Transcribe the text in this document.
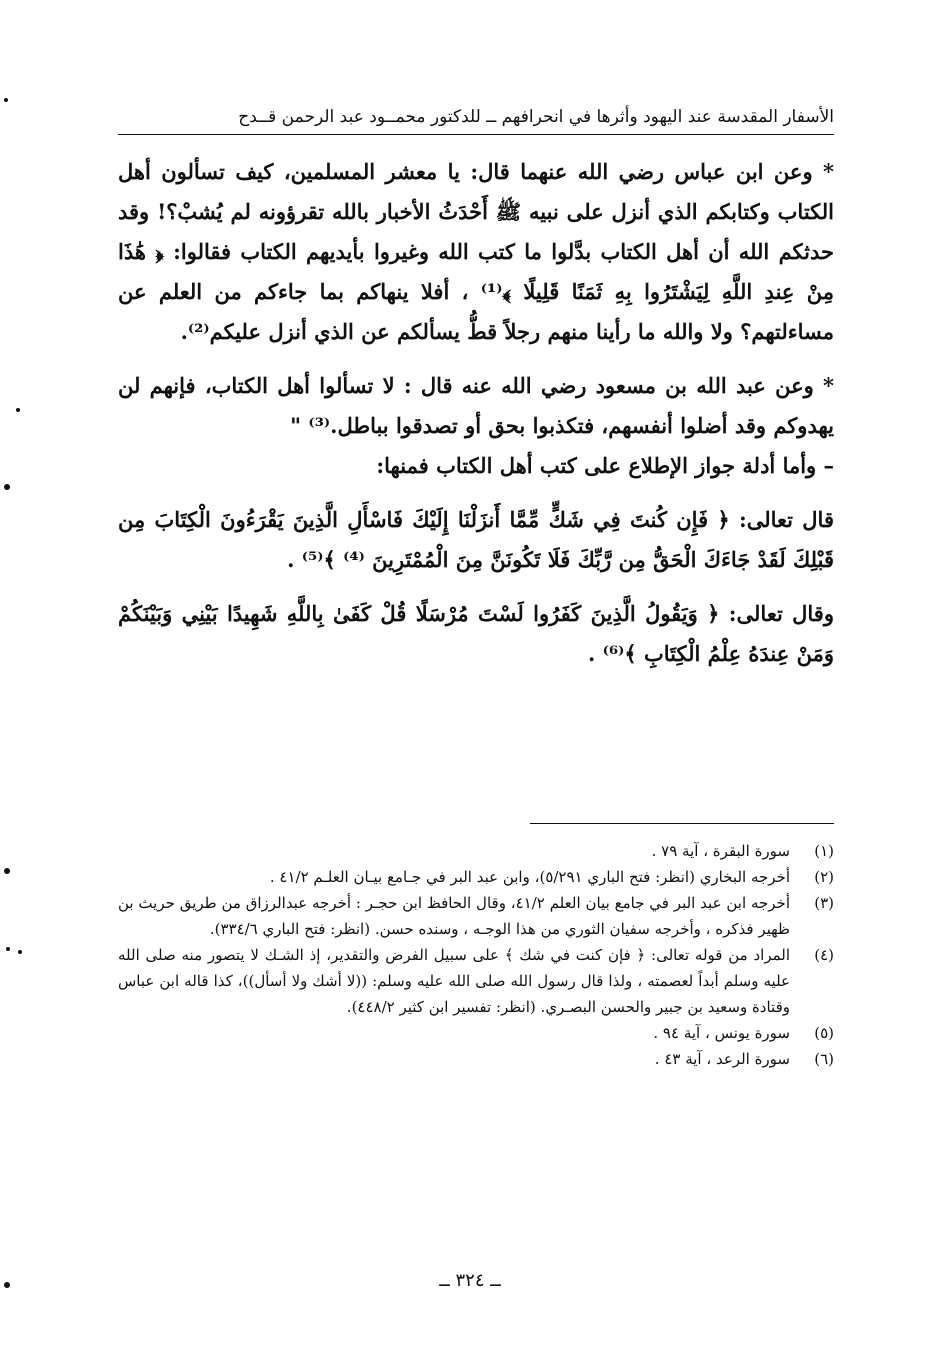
الأسفار المقدسة عند اليهود وأثرها في انحرافهم ــ للدكتور محمــود عبد الرحمن قــدح

* وعن ابن عباس رضي الله عنهما قال: يا معشر المسلمين، كيف تسألون أهل الكتاب وكتابكم الذي أنزل على نبيه ﷺ أَحْدَثُ الأخبار بالله تقرؤونه لم يُشبْ؟! وقد حدثكم الله أن أهل الكتاب بدَّلوا ما كتب الله وغيروا بأيديهم الكتاب فقالوا: ﴿ هَٰذَا مِنْ عِندِ اللَّهِ لِيَشْتَرُوا بِهِ ثَمَنًا قَلِيلًا ﴾⁽¹⁾ ، أفلا ينهاكم بما جاءكم من العلم عن مساءلتهم؟ ولا والله ما رأينا منهم رجلاً قطُّ يسألكم عن الذي أنزل عليكم⁽²⁾.

* وعن عبد الله بن مسعود رضي الله عنه قال : لا تسألوا أهل الكتاب، فإنهم لن يهدوكم وقد أضلوا أنفسهم، فتكذبوا بحق أو تصدقوا بباطل.⁽³⁾ "

– وأما أدلة جواز الإطلاع على كتب أهل الكتاب فمنها:

قال تعالى: ﴿ فَإِن كُنتَ فِي شَكٍّ مِّمَّا أَنزَلْنَا إِلَيْكَ فَاسْأَلِ الَّذِينَ يَقْرَءُونَ الْكِتَابَ مِن قَبْلِكَ لَقَدْ جَاءَكَ الْحَقُّ مِن رَّبِّكَ فَلَا تَكُونَنَّ مِنَ الْمُمْتَرِينَ ⁽⁴⁾ ﴾⁽⁵⁾ .

وقال تعالى: ﴿ وَيَقُولُ الَّذِينَ كَفَرُوا لَسْتَ مُرْسَلًا قُلْ كَفَىٰ بِاللَّهِ شَهِيدًا بَيْنِي وَبَيْنَكُمْ وَمَنْ عِندَهُ عِلْمُ الْكِتَابِ ﴾⁽⁶⁾ .

(١)
سورة البقرة ، آية ٧٩ .
(٢)
أخرجه البخاري (انظر: فتح الباري ٥/٢٩١)، وابن عبد البر في جـامع بيـان العلـم ٤١/٢ .
(٣)
أخرجه ابن عبد البر في جامع بيان العلم ٤١/٢، وقال الحافظ ابن حجـر : أخرجه عبدالرزاق من طريق حريث بن ظهير فذكره ، وأخرجه سفيان الثوري من هذا الوجـه ، وسنده حسن. (انظر: فتح الباري ٣٣٤/٦).
(٤)
المراد من قوله تعالى: ﴿ فإن كنت في شك ﴾ على سبيل الفرض والتقدير، إذ الشـك لا يتصور منه صلى الله عليه وسلم أبداً لعصمته ، ولذا قال رسول الله صلى الله عليه وسلم: ((لا أشك ولا أسأل))، كذا قاله ابن عباس وقتادة وسعيد بن جبير والحسن البصـري. (انظر: تفسير ابن كثير ٤٤٨/٢).
(٥)
سورة يونس ، آية ٩٤ .
(٦)
سورة الرعد ، آية ٤٣ .
ــ ٣٢٤ ــ
